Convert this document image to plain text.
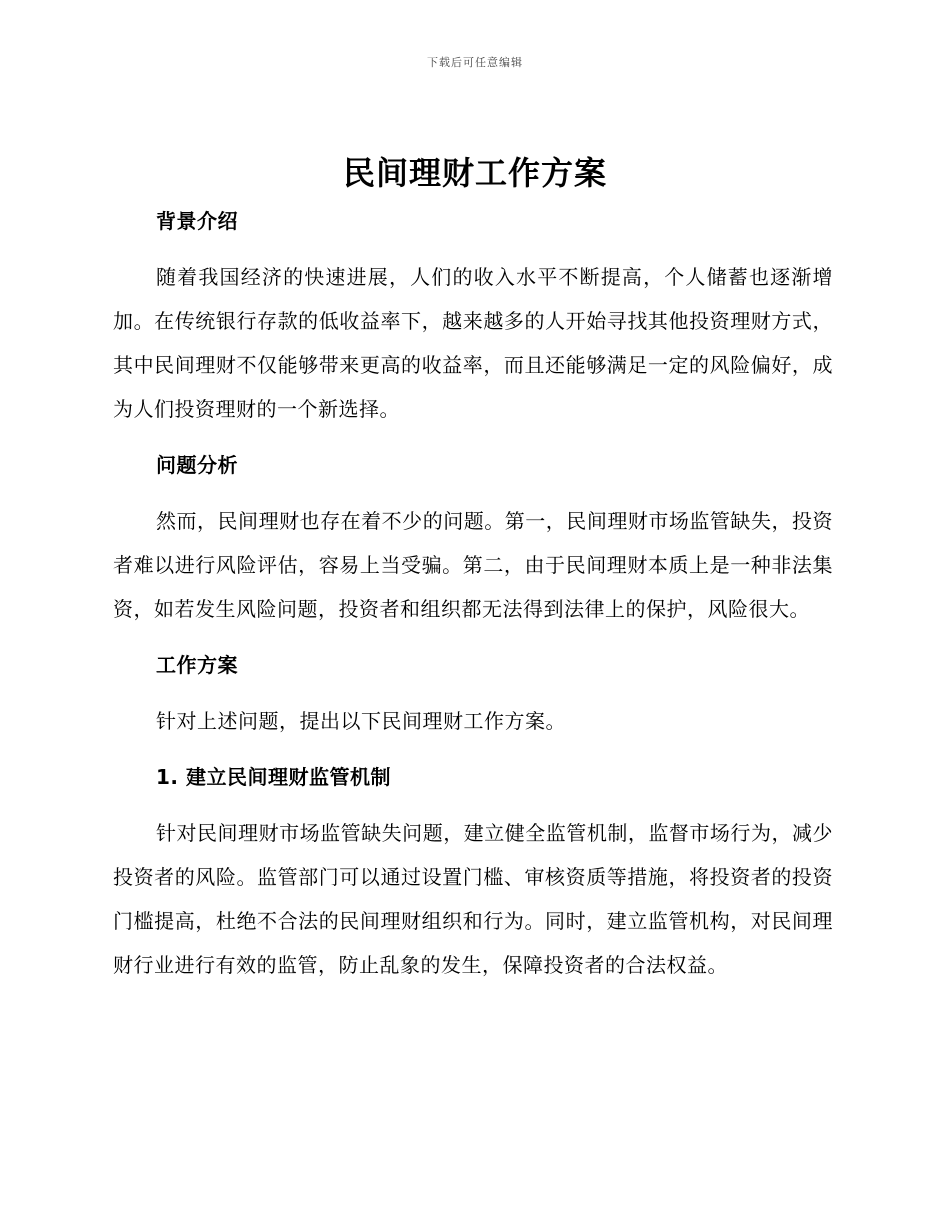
下载后可任意编辑
民间理财工作方案
背景介绍

随着我国经济的快速进展，人们的收入水平不断提高，个人储蓄也逐渐增加。在传统银行存款的低收益率下，越来越多的人开始寻找其他投资理财方式，其中民间理财不仅能够带来更高的收益率，而且还能够满足一定的风险偏好，成为人们投资理财的一个新选择。

问题分析

然而，民间理财也存在着不少的问题。第一，民间理财市场监管缺失，投资者难以进行风险评估，容易上当受骗。第二，由于民间理财本质上是一种非法集资，如若发生风险问题，投资者和组织都无法得到法律上的保护，风险很大。

工作方案

针对上述问题，提出以下民间理财工作方案。

1. 建立民间理财监管机制

针对民间理财市场监管缺失问题，建立健全监管机制，监督市场行为，减少投资者的风险。监管部门可以通过设置门槛、审核资质等措施，将投资者的投资门槛提高，杜绝不合法的民间理财组织和行为。同时，建立监管机构，对民间理财行业进行有效的监管，防止乱象的发生，保障投资者的合法权益。
